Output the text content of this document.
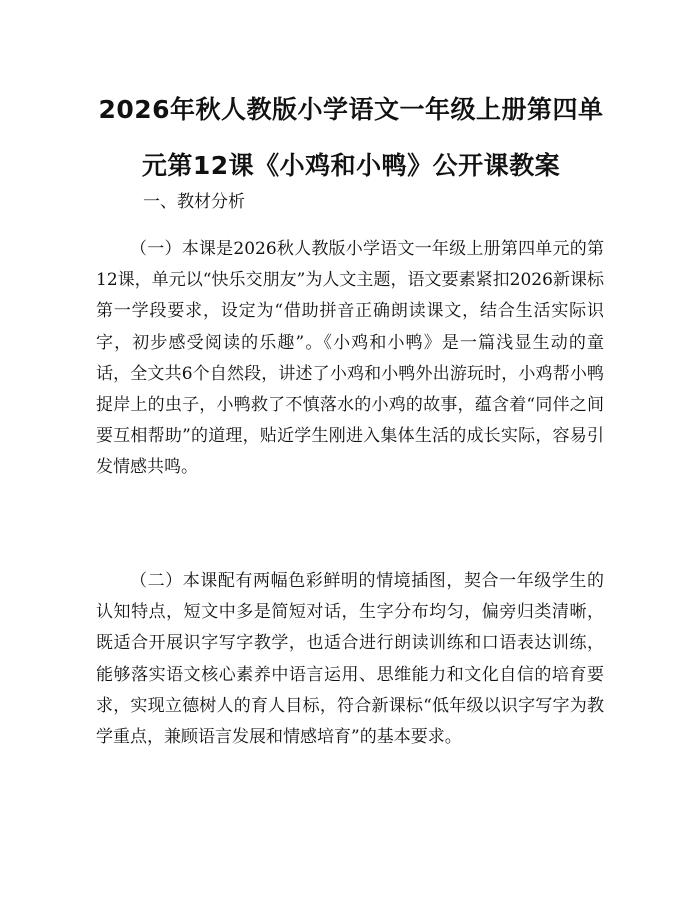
2026年秋人教版小学语文一年级上册第四单元第12课《小鸡和小鸭》公开课教案
一、教材分析

（一）本课是2026秋人教版小学语文一年级上册第四单元的第12课，单元以“快乐交朋友”为人文主题，语文要素紧扣2026新课标第一学段要求，设定为“借助拼音正确朗读课文，结合生活实际识字，初步感受阅读的乐趣”。《小鸡和小鸭》是一篇浅显生动的童话，全文共6个自然段，讲述了小鸡和小鸭外出游玩时，小鸡帮小鸭捉岸上的虫子，小鸭救了不慎落水的小鸡的故事，蕴含着“同伴之间要互相帮助”的道理，贴近学生刚进入集体生活的成长实际，容易引发情感共鸣。

（二）本课配有两幅色彩鲜明的情境插图，契合一年级学生的认知特点，短文中多是简短对话，生字分布均匀，偏旁归类清晰，既适合开展识字写字教学，也适合进行朗读训练和口语表达训练，能够落实语文核心素养中语言运用、思维能力和文化自信的培育要求，实现立德树人的育人目标，符合新课标“低年级以识字写字为教学重点，兼顾语言发展和情感培育”的基本要求。
